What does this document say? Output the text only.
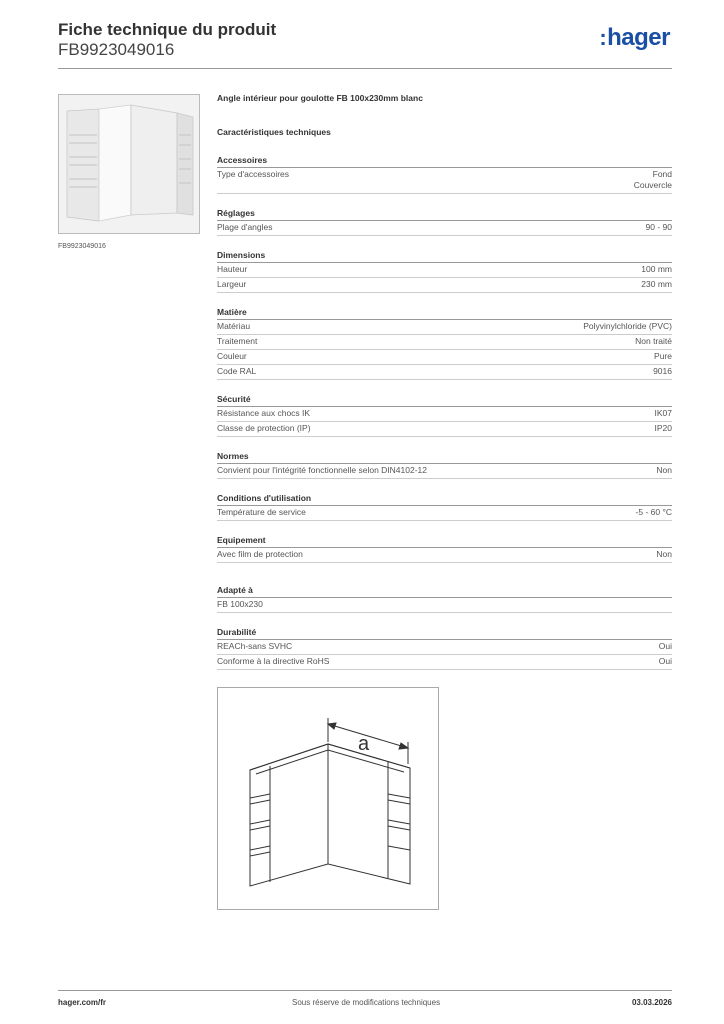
Fiche technique du produit
FB9923049016	:hager
FB9923049016
Angle intérieur pour goulotte FB 100x230mm blanc
Caractéristiques techniques
Accessoires
Type d'accessoires	Fond
Couvercle
Réglages
Plage d'angles	90 - 90
Dimensions
Hauteur	100 mm
Largeur	230 mm
Matière
Matériau	Polyvinylchloride (PVC)
Traitement	Non traité
Couleur	Pure
Code RAL	9016
Sécurité
Résistance aux chocs IK	IK07
Classe de protection (IP)	IP20
Normes
Convient pour l'intégrité fonctionnelle selon DIN4102-12	Non
Conditions d'utilisation
Température de service	-5 - 60 °C
Equipement
Avec film de protection	Non
Adapté à
FB 100x230
Durabilité
REACh-sans SVHC	Oui
Conforme à la directive RoHS	Oui
a
hager.com/fr	Sous réserve de modifications techniques	03.03.2026
